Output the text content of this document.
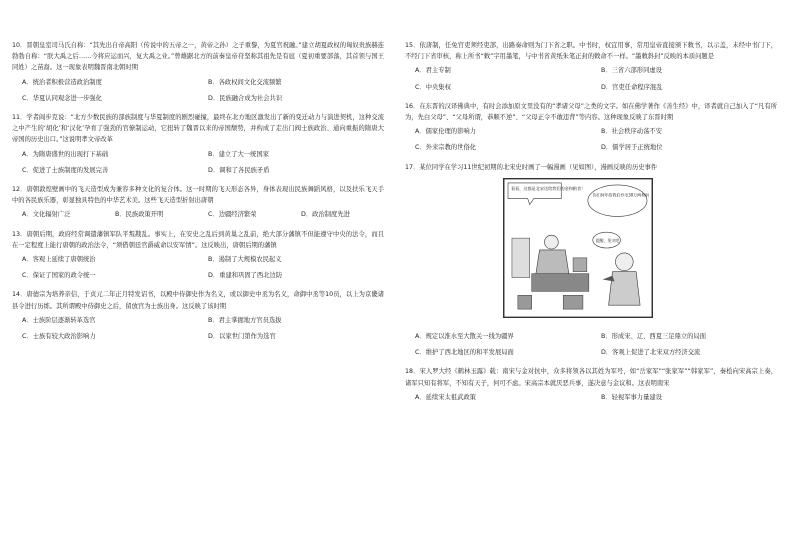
10．晋朝皇室司马氏自称：“其先出自帝高阳（传说中的五帝之一，黄帝之孙）之子重黎，为夏官祝融。”建立胡夏政权的匈奴贵族赫连勃勃自称：“朕大禹之后……今将应运而兴，复大禹之业。”曾雄踞北方的前秦皇帝苻坚称其祖先是有扈（夏初重要部落，其首领与国王同姓）之苗裔。这一现象表明魏晋南北朝时期
A．统治者积极营造政治制度	B．各政权间文化交流频繁
C．华夏认同观念进一步强化	D．民族融合成为社会共识
11．学者阎步克说：“北方少数民族的部族制度与华夏制度的剧烈碰撞，最终在北方地区激发出了新的变迁动力与演进契机，这种交流之中产生的‘胡化’和‘汉化’孕育了强劲的官僚制运动，它扭转了魏晋以来的帝国颓势，并构成了走出门阀士族政治、通向重振的隋唐大帝国的历史出口。”这说明孝文帝改革
A．为隋唐盛世的出现打下基础	B．建立了大一统国家
C．促进了士族制度的发展完善	D．调和了各民族矛盾
12．唐朝敦煌壁画中的飞天造型成为兼容多种文化的复合体。这一时期的飞天形态各异，身体表现出民族舞蹈风格，以及扶乐飞天手中的各民族乐器，彰显独具特色的中华艺术美。这些飞天造型折射出唐朝
A．文化辐射广泛	B．民族政策开明	C．边疆经济繁荣	D．政治制度先进
13．唐朝后期，政府经常调遣藩镇军队平叛戡乱。事实上，在安史之乱后到黄巢之乱前，绝大部分藩镇不但能遵守中央的法令，而且在一定程度上能行唐朝的政治法令，“须借朝廷官爵威命以安军情”。这反映出，唐朝后期的藩镇
A．客观上延续了唐朝统治	B．遏制了大规模农民起义
C．保证了国家的政令统一	D．重建和巩固了西北边防
14．唐德宗为培养亲信，于贞元二年正月特发诏书，以殿中侍御史作为名义，或以御史中丞为名义，命御中丞等10员，以上为京畿诸县令进行历练。其所谓殿中侍御史之后，留放官为士族出身。这反映了该时期
A．士族阶层逐渐转革选官	B．君主掌握地方官员选拔
C．士族有较大政治影响力	D．以家世门第作为选官
15．依唐制，任免官吏须经吏部，出路奏命则为门下省之职。中书时，权宜用事，常用皇帝直接颁下敕书，以示盖，未经中书门下，不经门下省审核，称上所书“敕”字用墨笔，与中书省黄纸朱笔正封的敕命不一样。“墨敕斜封”反映的本质问题是
A．君主专制	B．三省六部形同虚设
C．中央集权	D．官吏任命程序混乱
16．在东晋的汉译佛典中，有时会添加原文里没有的“孝诸父母”之类的文字。如在佛学著作《善生经》中，译者就自己加入了“凡有所为，先白父母”、“父母所谓，恭顺不逆”、“父母正令不敢违背”等内容。这种现象反映了东晋时期
A．儒家伦理的影响力	B．社会秩序动荡不安
C．外来宗教的世俗化	D．儒学居于正统地位
17．某位同学在学习11世纪初期的北宋史时画了一幅漫画（见如图），漫画反映的历史事件
看看，这都是北宋送给我们的金和粮食！
你们何年给我们岁币30万两和绢
提醒，免灾吧
A．规定以淮水至大散关一线为疆界	B．形成宋、辽、西夏三足鼎立的局面
C．维护了西北地区的和平发展局面	D．客观上促进了北宋双方经济交流
18．宋人罗大经《鹤林玉露》载：南宋与金对抗中，众多将领各以其姓为军号，如“岳家军”“张家军”“韩家军”，秦桧向宋高宗上奏，诸军只知有将军，不知有天子，何可不虑。宋高宗本就厌恶兵事，遂决意与金议和。这表明南宋
A．延续宋太祖武政策	B．轻视军事力量建设
